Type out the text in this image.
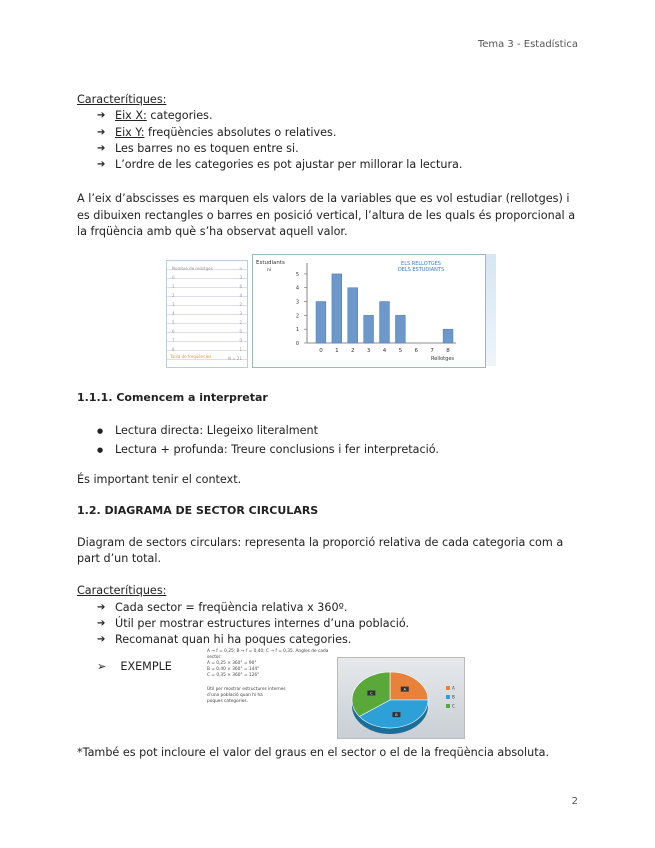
Tema 3 - Estadística
Caracterítiques:
➔ Eix X: categories.
➔ Eix Y: freqüències absolutes o relatives.
➔ Les barres no es toquen entre si.
➔ L’ordre de les categories es pot ajustar per millorar la lectura.

A l’eix d’abscisses es marquen els valors de la variables que es vol estudiar (rellotges) i es dibuixen rectangles o barres en posició vertical, l’altura de les quals és proporcional a la frqüència amb què s’ha observat aquell valor.

Nombre de rellotges	n
0	3
1	6
2	4
3	2
4	3
5	2
6	0
7	0
8	1
N = 21
Taula de freqüències
Estudiants
ni
0
1
2
3
4
5
0 1 2 3 4 5 6 7 8
ELS RELLOTGES
DELS ESTUDIANTS
Rellotges
1.1.1. Comencem a interpretar
● Lectura directa: Llegeixo literalment
● Lectura + profunda: Treure conclusions i fer interpretació.

És important tenir el context.

1.2. DIAGRAMA DE SECTOR CIRCULARS

Diagram de sectors circulars: representa la proporció relativa de cada categoria com a part d’un total.

Caracterítiques:
➔ Cada sector = freqüència relativa x 360º.
➔ Útil per mostrar estructures internes d’una població.
➔ Recomanat quan hi ha poques categories.
➢ EXEMPLE
A → f = 0,25; B → f = 0,40; C → f = 0,35. Angles de cada sector:
A = 0,25 × 360° = 90°
B = 0,40 × 360° = 144°
C = 0,35 × 360° = 126°
Útil per mostrar estructures internes
d’una població quan hi ha
poques categories.
A	A
B
B
C
C

*També es pot incloure el valor del graus en el sector o el de la freqüència absoluta.

2
